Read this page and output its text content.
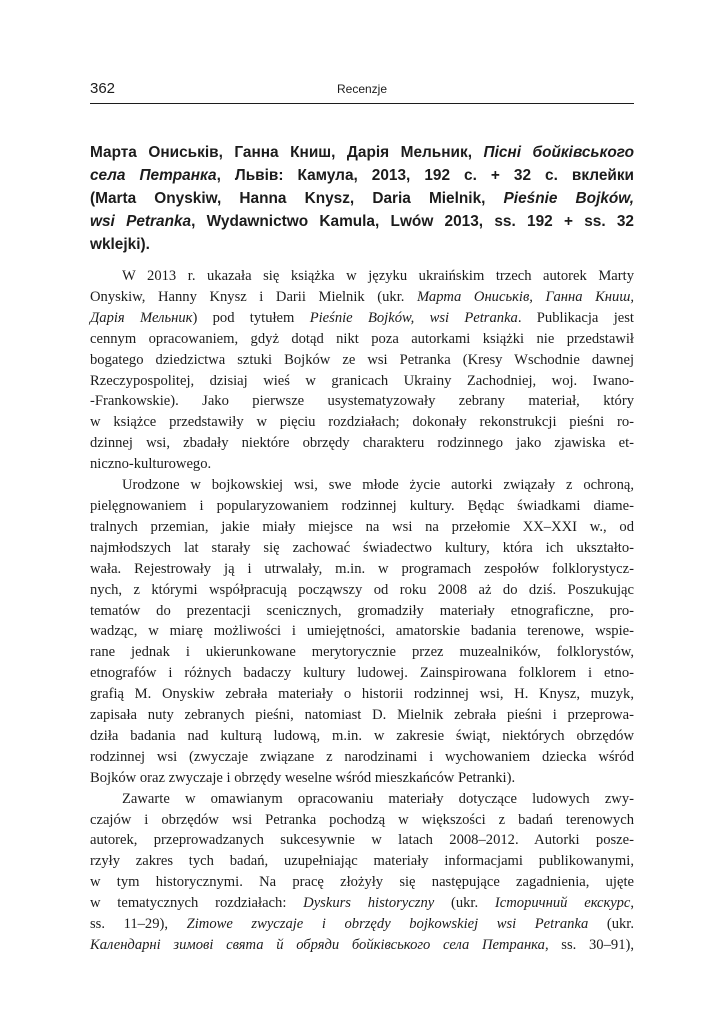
362	Recenzje
Марта Ониськів, Ганна Книш, Дарія Мельник, Пісні бойківського
села Петранка, Львів: Камула, 2013, 192 с. + 32 с. вклейки
(Marta Onyskiw, Hanna Knysz, Daria Mielnik, Pieśnie Bojków,
wsi Petranka, Wydawnictwo Kamula, Lwów 2013, ss. 192 + ss. 32
wklejki).
W 2013 r. ukazała się książka w języku ukraińskim trzech autorek Marty
Onyskiw, Hanny Knysz i Darii Mielnik (ukr. Марта Ониськів, Ганна Книш,
Дарія Мельник) pod tytułem Pieśnie Bojków, wsi Petranka. Publikacja jest
cennym opracowaniem, gdyż dotąd nikt poza autorkami książki nie przedstawił
bogatego dziedzictwa sztuki Bojków ze wsi Petranka (Kresy Wschodnie dawnej
Rzeczypospolitej, dzisiaj wieś w granicach Ukrainy Zachodniej, woj. Iwano-
-Frankowskie). Jako pierwsze usystematyzowały zebrany materiał, który
w książce przedstawiły w pięciu rozdziałach; dokonały rekonstrukcji pieśni ro-
dzinnej wsi, zbadały niektóre obrzędy charakteru rodzinnego jako zjawiska et-
niczno-kulturowego.
Urodzone w bojkowskiej wsi, swe młode życie autorki związały z ochroną,
pielęgnowaniem i popularyzowaniem rodzinnej kultury. Będąc świadkami diame-
tralnych przemian, jakie miały miejsce na wsi na przełomie XX–XXI w., od
najmłodszych lat starały się zachować świadectwo kultury, która ich ukształto-
wała. Rejestrowały ją i utrwalały, m.in. w programach zespołów folklorystycz-
nych, z którymi współpracują począwszy od roku 2008 aż do dziś. Poszukując
tematów do prezentacji scenicznych, gromadziły materiały etnograficzne, pro-
wadząc, w miarę możliwości i umiejętności, amatorskie badania terenowe, wspie-
rane jednak i ukierunkowane merytorycznie przez muzealników, folklorystów,
etnografów i różnych badaczy kultury ludowej. Zainspirowana folklorem i etno-
grafią M. Onyskiw zebrała materiały o historii rodzinnej wsi, H. Knysz, muzyk,
zapisała nuty zebranych pieśni, natomiast D. Mielnik zebrała pieśni i przeprowa-
dziła badania nad kulturą ludową, m.in. w zakresie świąt, niektórych obrzędów
rodzinnej wsi (zwyczaje związane z narodzinami i wychowaniem dziecka wśród
Bojków oraz zwyczaje i obrzędy weselne wśród mieszkańców Petranki).
Zawarte w omawianym opracowaniu materiały dotyczące ludowych zwy-
czajów i obrzędów wsi Petranka pochodzą w większości z badań terenowych
autorek, przeprowadzanych sukcesywnie w latach 2008–2012. Autorki posze-
rzyły zakres tych badań, uzupełniając materiały informacjami publikowanymi,
w tym historycznymi. Na pracę złożyły się następujące zagadnienia, ujęte
w tematycznych rozdziałach: Dyskurs historyczny (ukr. Історичний екскурс,
ss. 11–29), Zimowe zwyczaje i obrzędy bojkowskiej wsi Petranka (ukr.
Календарні зимові свята й обряди бойківського села Петранка, ss. 30–91),
